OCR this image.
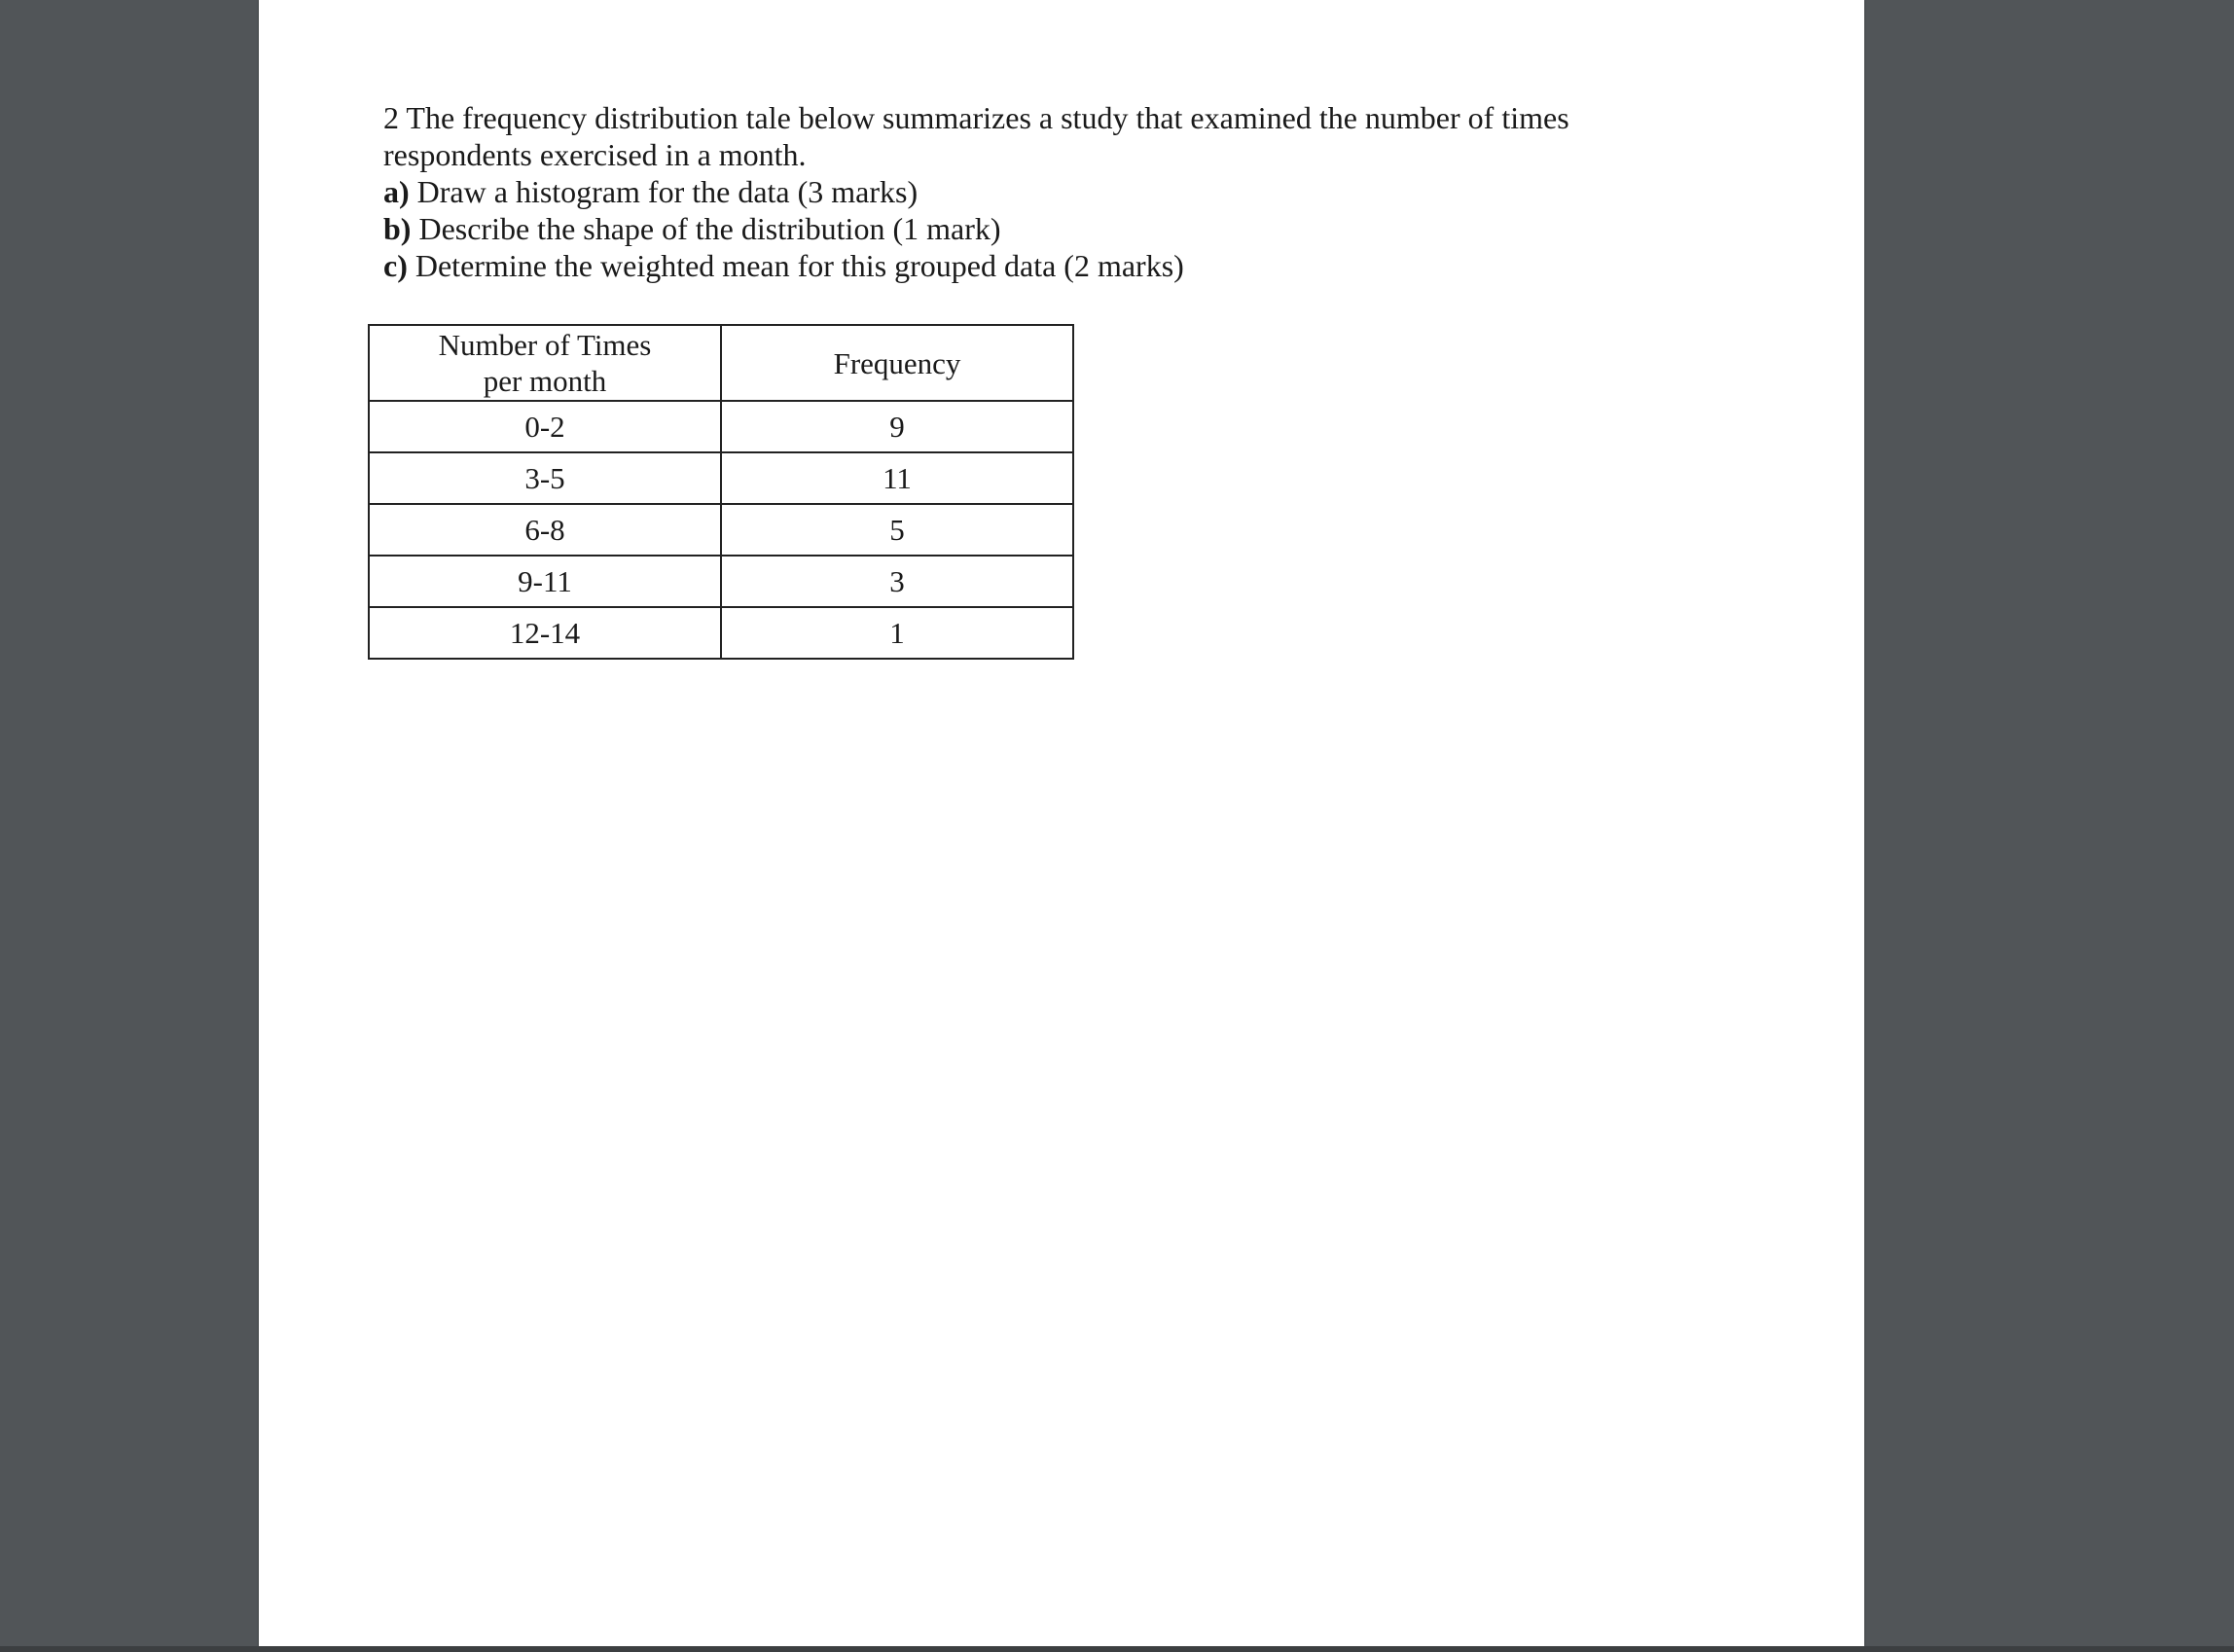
2 The frequency distribution tale below summarizes a study that examined the number of times

respondents exercised in a month.

a) Draw a histogram for the data (3 marks)

b) Describe the shape of the distribution (1 mark)

c) Determine the weighted mean for this grouped data (2 marks)

Number of Times per month	Frequency
0-2	9
3-5	11
6-8	5
9-11	3
12-14	1
